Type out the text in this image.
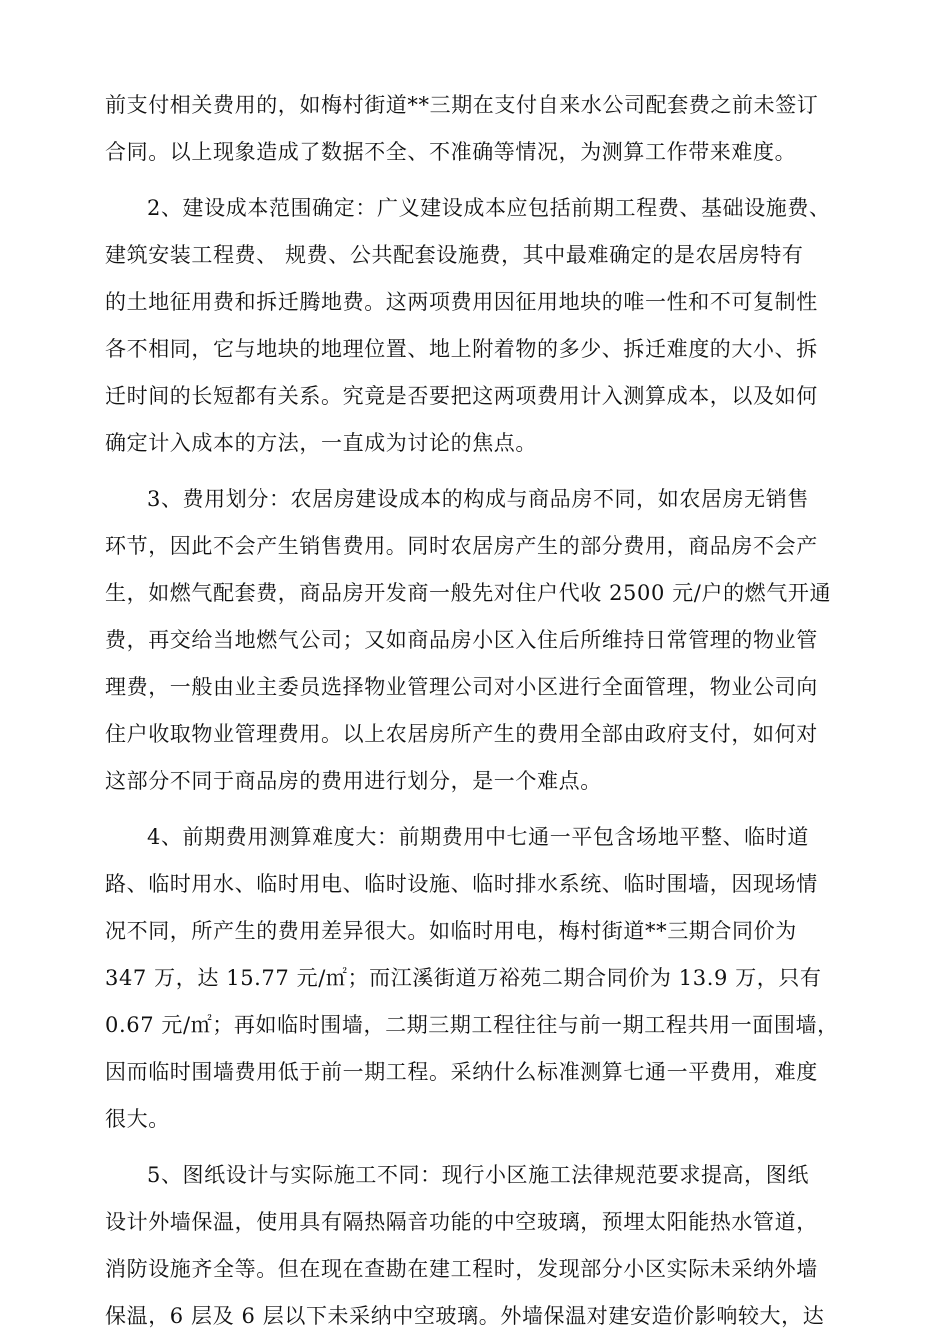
前支付相关费用的，如梅村街道**三期在支付自来水公司配套费之前未签订
合同。以上现象造成了数据不全、不准确等情况，为测算工作带来难度。
2、建设成本范围确定：广义建设成本应包括前期工程费、基础设施费、
建筑安装工程费、 规费、公共配套设施费，其中最难确定的是农居房特有
的土地征用费和拆迁腾地费。这两项费用因征用地块的唯一性和不可复制性
各不相同，它与地块的地理位置、地上附着物的多少、拆迁难度的大小、拆
迁时间的长短都有关系。究竟是否要把这两项费用计入测算成本，以及如何
确定计入成本的方法，一直成为讨论的焦点。
3、费用划分：农居房建设成本的构成与商品房不同，如农居房无销售
环节，因此不会产生销售费用。同时农居房产生的部分费用，商品房不会产
生，如燃气配套费，商品房开发商一般先对住户代收 2500 元/户的燃气开通
费，再交给当地燃气公司；又如商品房小区入住后所维持日常管理的物业管
理费，一般由业主委员选择物业管理公司对小区进行全面管理，物业公司向
住户收取物业管理费用。以上农居房所产生的费用全部由政府支付，如何对
这部分不同于商品房的费用进行划分，是一个难点。
4、前期费用测算难度大：前期费用中七通一平包含场地平整、临时道
路、临时用水、临时用电、临时设施、临时排水系统、临时围墙，因现场情
况不同，所产生的费用差异很大。如临时用电，梅村街道**三期合同价为
347 万，达 15.77 元/㎡；而江溪街道万裕苑二期合同价为 13.9 万，只有
0.67 元/㎡；再如临时围墙，二期三期工程往往与前一期工程共用一面围墙，
因而临时围墙费用低于前一期工程。采纳什么标准测算七通一平费用，难度
很大。
5、图纸设计与实际施工不同：现行小区施工法律规范要求提高，图纸
设计外墙保温，使用具有隔热隔音功能的中空玻璃，预埋太阳能热水管道，
消防设施齐全等。但在现在查勘在建工程时，发现部分小区实际未采纳外墙
保温，6 层及 6 层以下未采纳中空玻璃。外墙保温对建安造价影响较大，达
